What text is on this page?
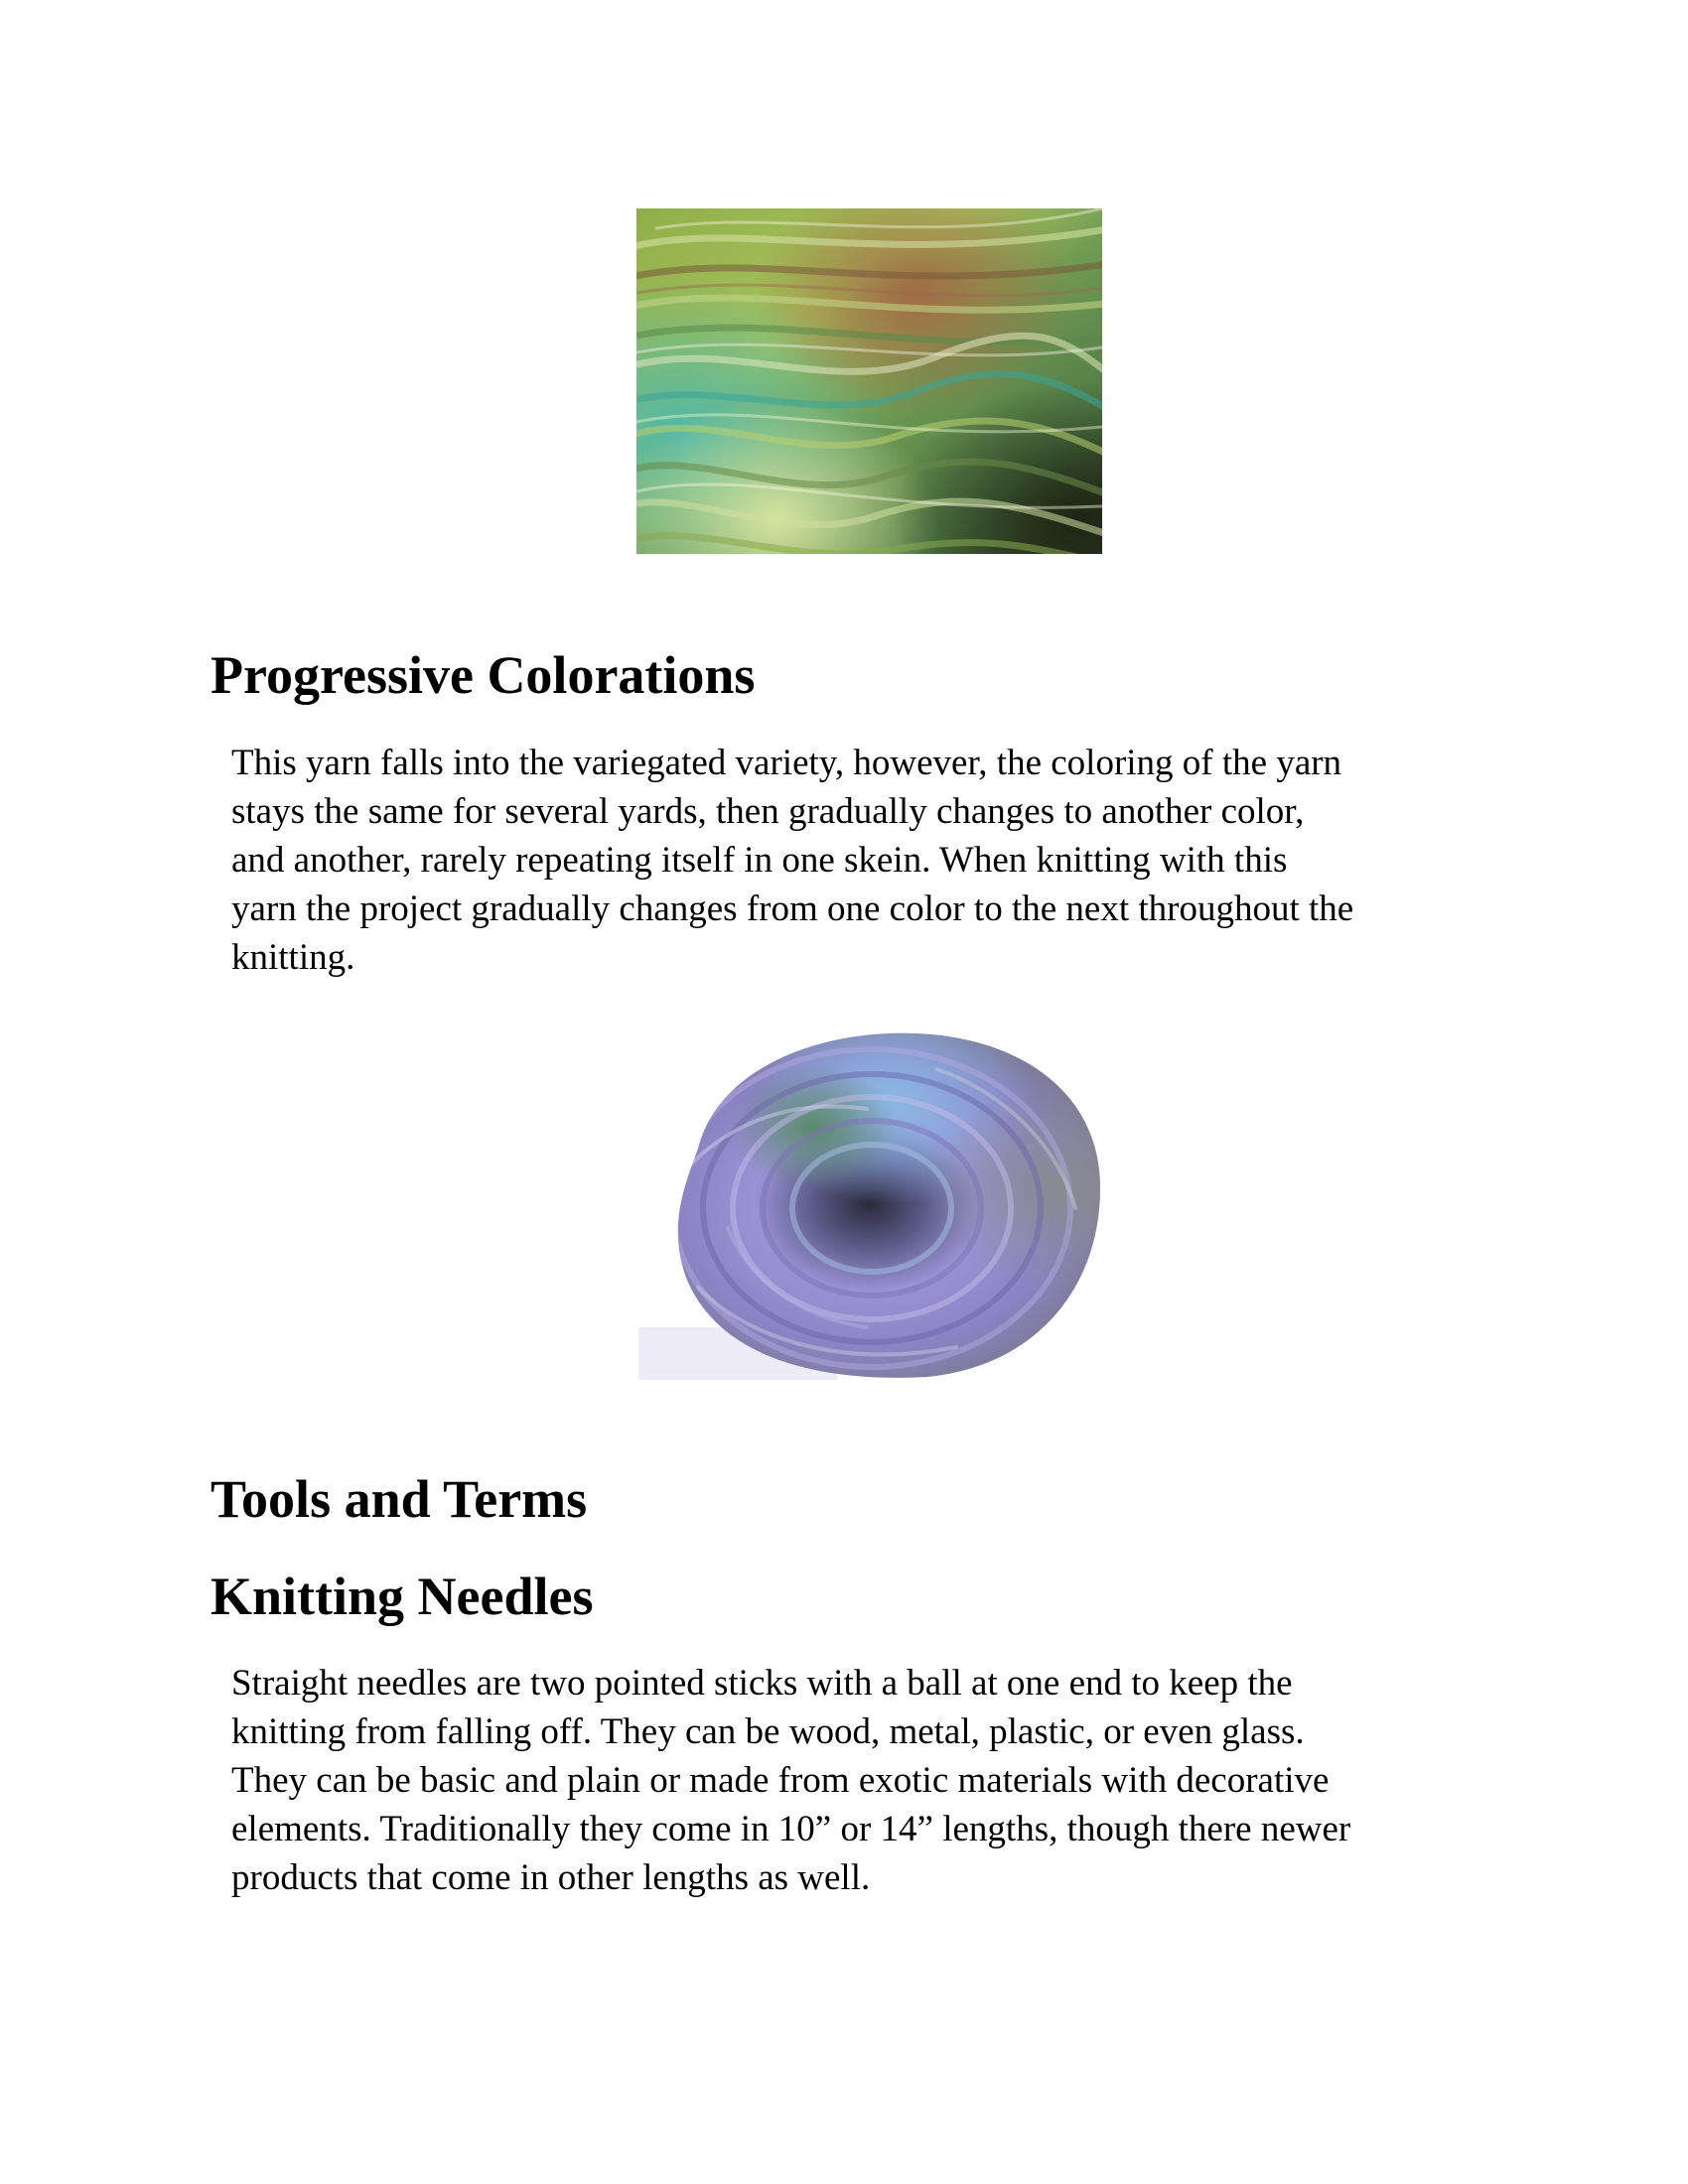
Progressive Colorations

This yarn falls into the variegated variety, however, the coloring of the yarn
stays the same for several yards, then gradually changes to another color,
and another, rarely repeating itself in one skein. When knitting with this
yarn the project gradually changes from one color to the next throughout the
knitting.

Tools and Terms
Knitting Needles

Straight needles are two pointed sticks with a ball at one end to keep the
knitting from falling off. They can be wood, metal, plastic, or even glass.
They can be basic and plain or made from exotic materials with decorative
elements. Traditionally they come in 10” or 14” lengths, though there newer
products that come in other lengths as well.
